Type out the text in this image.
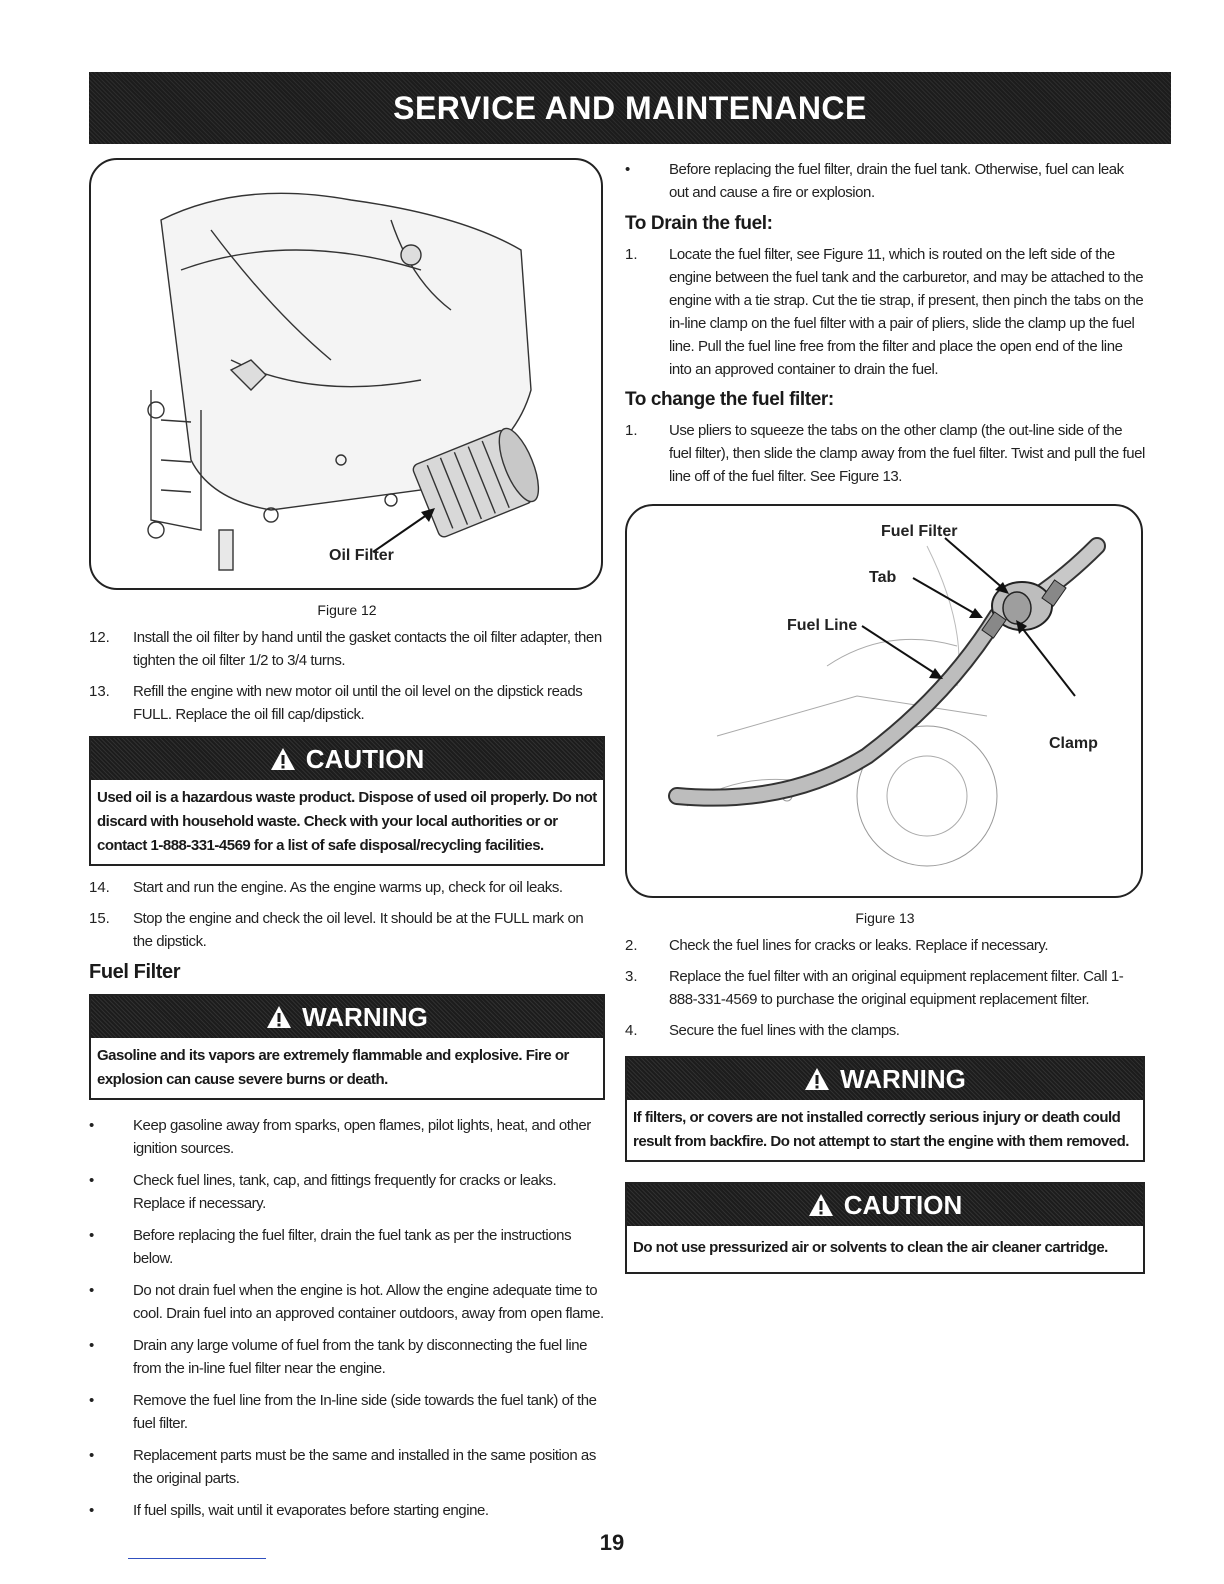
SERVICE AND MAINTENANCE
Oil Filter
Figure 12
12.	Install the oil filter by hand until the gasket contacts the oil filter adapter, then tighten the oil filter 1/2 to 3/4 turns.
13.	Refill the engine with new motor oil until the oil level on the dipstick reads FULL. Replace the oil fill cap/dipstick.
CAUTION
Used oil is a hazardous waste product. Dispose of used oil properly. Do not discard with household waste. Check with your local authorities or or contact 1-888-331-4569 for a list of safe disposal/recycling facilities.
14.	Start and run the engine. As the engine warms up, check for oil leaks.
15.	Stop the engine and check the oil level. It should be at the FULL mark on the dipstick.
Fuel Filter
WARNING
Gasoline and its vapors are extremely flammable and explosive. Fire or explosion can cause severe burns or death.
•	Keep gasoline away from sparks, open flames, pilot lights, heat, and other ignition sources.
•	Check fuel lines, tank, cap, and fittings frequently for cracks or leaks. Replace if necessary.
•	Before replacing the fuel filter, drain the fuel tank as per the instructions below.
•	Do not drain fuel when the engine is hot. Allow the engine adequate time to cool. Drain fuel into an approved container outdoors, away from open flame.
•	Drain any large volume of fuel from the tank by disconnecting the fuel line from the in-line fuel filter near the engine.
•	Remove the fuel line from the In-line side (side towards the fuel tank) of the fuel filter.
•	Replacement parts must be the same and installed in the same position as the original parts.
•	If fuel spills, wait until it evaporates before starting engine.
•	Before replacing the fuel filter, drain the fuel tank. Otherwise, fuel can leak out and cause a fire or explosion.
To Drain the fuel:
1.	Locate the fuel filter, see Figure 11, which is routed on the left side of the engine between the fuel tank and the carburetor, and may be attached to the engine with a tie strap. Cut the tie strap, if present, then pinch the tabs on the in-line clamp on the fuel filter with a pair of pliers, slide the clamp up the fuel line. Pull the fuel line free from the filter and place the open end of the line into an approved container to drain the fuel.
To change the fuel filter:
1.	Use pliers to squeeze the tabs on the other clamp (the out-line side of the fuel filter), then slide the clamp away from the fuel filter. Twist and pull the fuel line off of the fuel filter. See Figure 13.
Fuel Filter
Tab
Fuel Line
Clamp
Figure 13
2.	Check the fuel lines for cracks or leaks. Replace if necessary.
3.	Replace the fuel filter with an original equipment replacement filter. Call 1-888-331-4569 to purchase the original equipment replacement filter.
4.	Secure the fuel lines with the clamps.
WARNING
If filters, or covers are not installed correctly serious injury or death could result from backfire. Do not attempt to start the engine with them removed.
CAUTION
Do not use pressurized air or solvents to clean the air cleaner cartridge.
19
